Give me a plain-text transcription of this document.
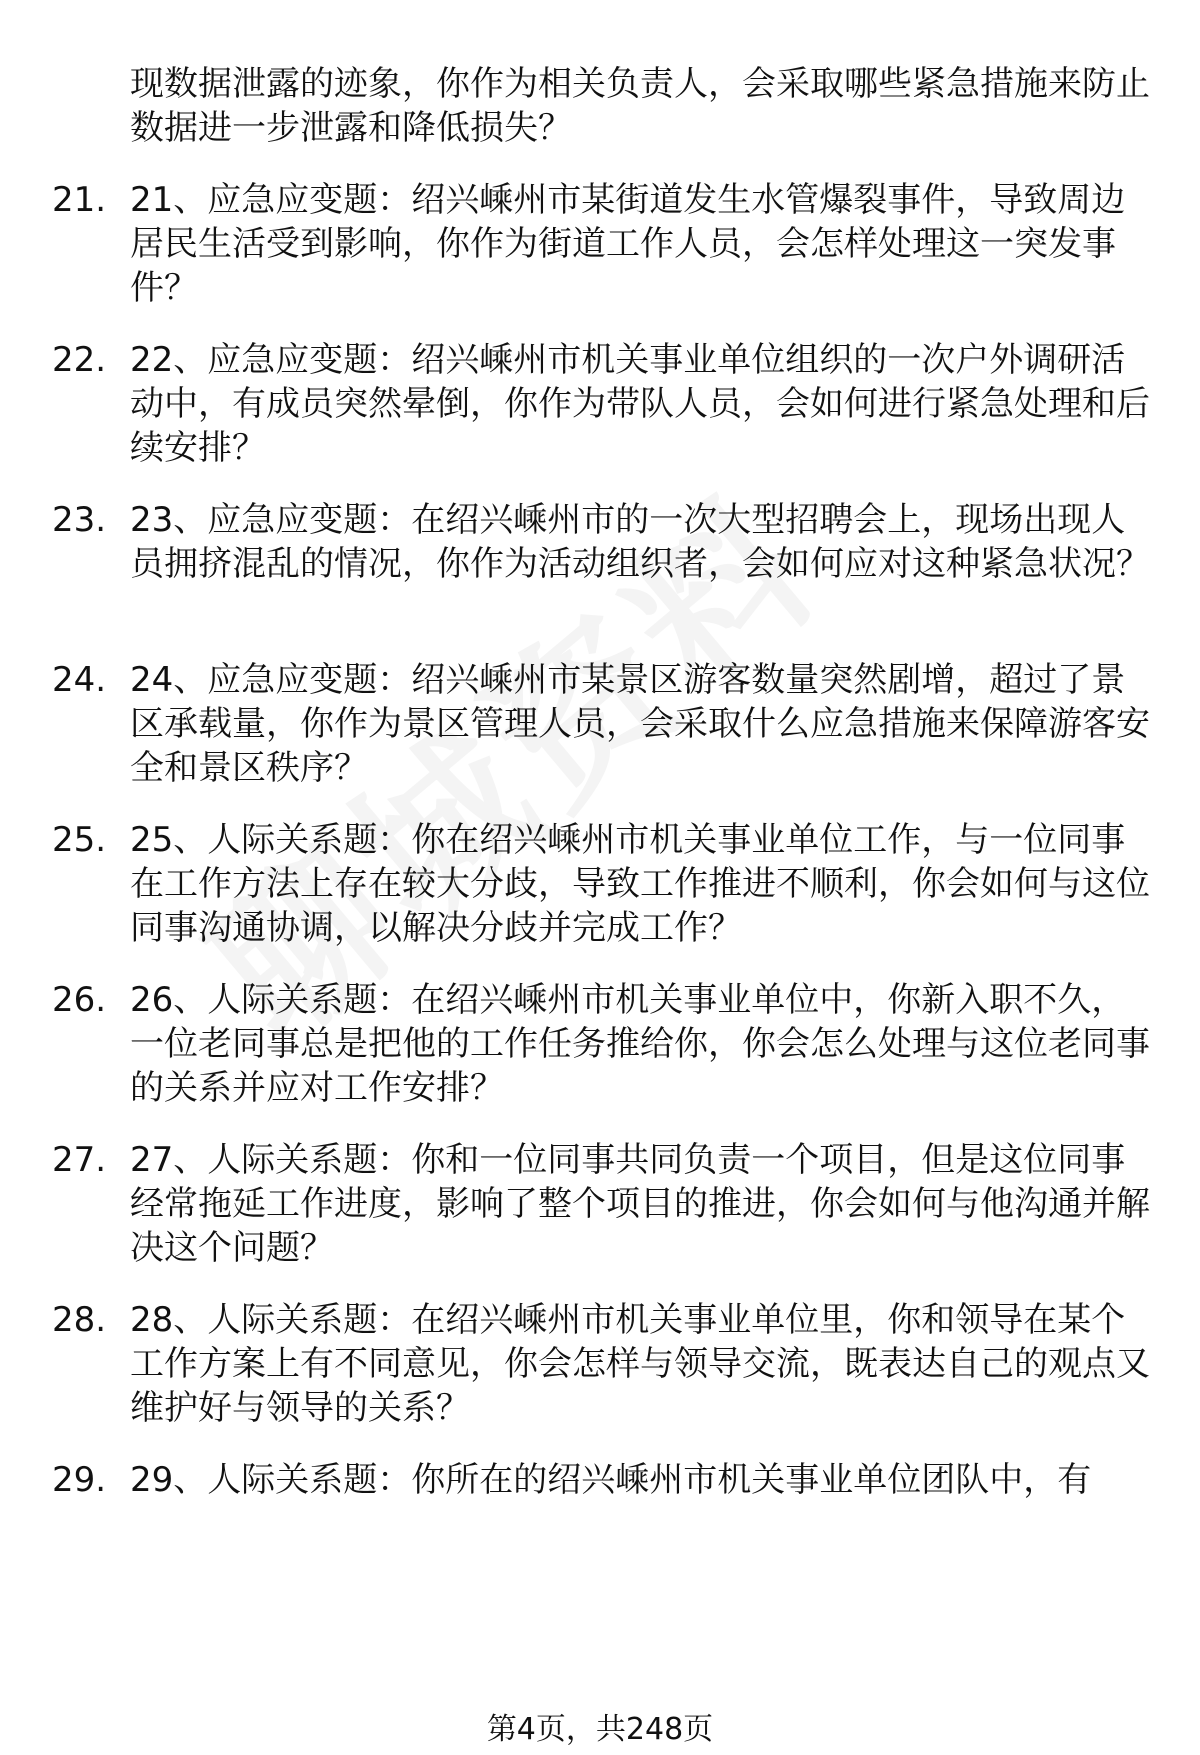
现数据泄露的迹象，你作为相关负责人，会采取哪些紧急措施来防止数据进一步泄露和降低损失？
21. 21、应急应变题：绍兴嵊州市某街道发生水管爆裂事件，导致周边居民生活受到影响，你作为街道工作人员，会怎样处理这一突发事件？
22. 22、应急应变题：绍兴嵊州市机关事业单位组织的一次户外调研活动中，有成员突然晕倒，你作为带队人员，会如何进行紧急处理和后续安排？
23. 23、应急应变题：在绍兴嵊州市的一次大型招聘会上，现场出现人员拥挤混乱的情况，你作为活动组织者，会如何应对这种紧急状况？
24. 24、应急应变题：绍兴嵊州市某景区游客数量突然剧增，超过了景区承载量，你作为景区管理人员，会采取什么应急措施来保障游客安全和景区秩序？
25. 25、人际关系题：你在绍兴嵊州市机关事业单位工作，与一位同事在工作方法上存在较大分歧，导致工作推进不顺利，你会如何与这位同事沟通协调，以解决分歧并完成工作？
26. 26、人际关系题：在绍兴嵊州市机关事业单位中，你新入职不久，一位老同事总是把他的工作任务推给你，你会怎么处理与这位老同事的关系并应对工作安排？
27. 27、人际关系题：你和一位同事共同负责一个项目，但是这位同事经常拖延工作进度，影响了整个项目的推进，你会如何与他沟通并解决这个问题？
28. 28、人际关系题：在绍兴嵊州市机关事业单位里，你和领导在某个工作方案上有不同意见，你会怎样与领导交流，既表达自己的观点又维护好与领导的关系？
29. 29、人际关系题：你所在的绍兴嵊州市机关事业单位团队中，有
第4页，共248页
